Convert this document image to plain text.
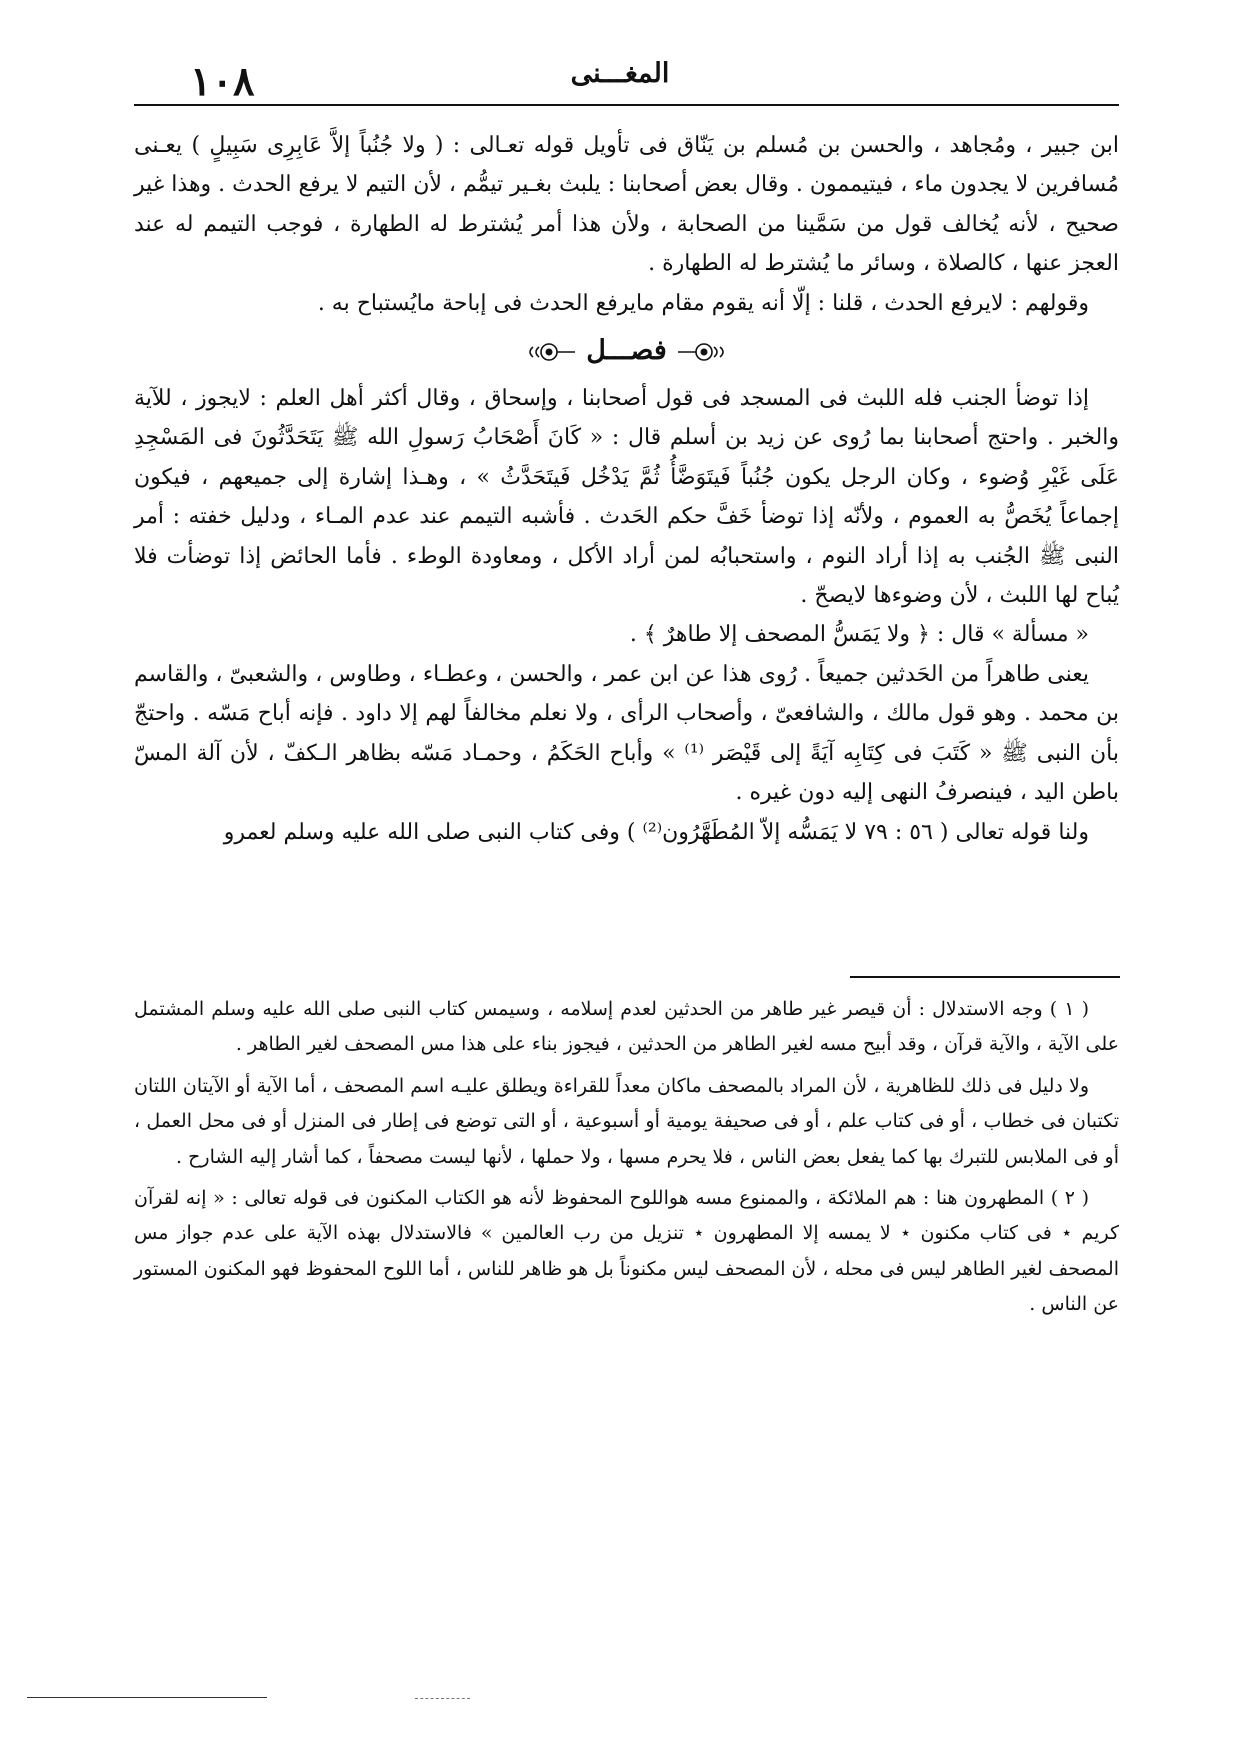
١٠٨	المغـــنى

ابن جبير ، ومُجاهد ، والحسن بن مُسلم بن يَنّاق فى تأويل قوله تعـالى : ( ولا جُنُباً إلاَّ عَابِرِى سَبِيلٍ ) يعـنى مُسافرين لا يجدون ماء ، فيتيممون . وقال بعض أصحابنا : يلبث بغـير تيمُّم ، لأن التيم لا يرفع الحدث . وهذا غير صحيح ، لأنه يُخالف قول من سَمَّينا من الصحابة ، ولأن هذا أمر يُشترط له الطهارة ، فوجب التيمم له عند العجز عنها ، كالصلاة ، وسائر ما يُشترط له الطهارة .

وقولهم : لايرفع الحدث ، قلنا : إلّا أنه يقوم مقام مايرفع الحدث فى إباحة مايُستباح به .

فصـــل

إذا توضأ الجنب فله اللبث فى المسجد فى قول أصحابنا ، وإسحاق ، وقال أكثر أهل العلم : لايجوز ، للآية والخبر . واحتج أصحابنا بما رُوى عن زيد بن أسلم قال : « كَانَ أَصْحَابُ رَسولِ الله ﷺ يَتَحَدَّثُونَ فى المَسْجِدِ عَلَى غَيْرِ وُضوء ، وكان الرجل يكون جُنُباً فَيتَوَضَّأُ ثُمَّ يَدْخُل فَيتَحَدَّثُ » ، وهـذا إشارة إلى جميعهم ، فيكون إجماعاً يُخَصُّ به العموم ، ولأنّه إذا توضأ خَفَّ حكم الحَدث . فأشبه التيمم عند عدم المـاء ، ودليل خفته : أمر النبى ﷺ الجُنب به إذا أراد النوم ، واستحبابُه لمن أراد الأكل ، ومعاودة الوطء . فأما الحائض إذا توضأت فلا يُباح لها اللبث ، لأن وضوءها لايصحّ .

« مسألة » قال : ﴿ ولا يَمَسُّ المصحف إلا طاهرٌ ﴾ .

يعنى طاهراً من الحَدثين جميعاً . رُوى هذا عن ابن عمر ، والحسن ، وعطـاء ، وطاوس ، والشعبىّ ، والقاسم بن محمد . وهو قول مالك ، والشافعىّ ، وأصحاب الرأى ، ولا نعلم مخالفاً لهم إلا داود . فإنه أباح مَسّه . واحتجّ بأن النبى ﷺ « كَتَبَ فى كِتَابِه آيَةً إلى قَيْصَر ⁽¹⁾ » وأباح الحَكَمُ ، وحمـاد مَسّه بظاهر الـكفّ ، لأن آلة المسّ باطن اليد ، فينصرفُ النهى إليه دون غيره .

ولنا قوله تعالى ( ٥٦ : ٧٩ لا يَمَسُّه إلاّ المُطَهَّرُون⁽²⁾ ) وفى كتاب النبى صلى الله عليه وسلم لعمرو

( ١ ) وجه الاستدلال : أن قيصر غير طاهر من الحدثين لعدم إسلامه ، وسيمس كتاب النبى صلى الله عليه وسلم المشتمل على الآية ، والآية قرآن ، وقد أبيح مسه لغير الطاهر من الحدثين ، فيجوز بناء على هذا مس المصحف لغير الطاهر .

ولا دليل فى ذلك للظاهرية ، لأن المراد بالمصحف ماكان معداً للقراءة ويطلق عليـه اسم المصحف ، أما الآية أو الآيتان اللتان تكتبان فى خطاب ، أو فى كتاب علم ، أو فى صحيفة يومية أو أسبوعية ، أو التى توضع فى إطار فى المنزل أو فى محل العمل ، أو فى الملابس للتبرك بها كما يفعل بعض الناس ، فلا يحرم مسها ، ولا حملها ، لأنها ليست مصحفاً ، كما أشار إليه الشارح .

( ٢ ) المطهرون هنا : هم الملائكة ، والممنوع مسه هواللوح المحفوظ لأنه هو الكتاب المكنون فى قوله تعالى : « إنه لقرآن كريم ⋆ فى كتاب مكنون ⋆ لا يمسه إلا المطهرون ⋆ تنزيل من رب العالمين » فالاستدلال بهذه الآية على عدم جواز مس المصحف لغير الطاهر ليس فى محله ، لأن المصحف ليس مكنوناً بل هو ظاهر للناس ، أما اللوح المحفوظ فهو المكنون المستور عن الناس .
